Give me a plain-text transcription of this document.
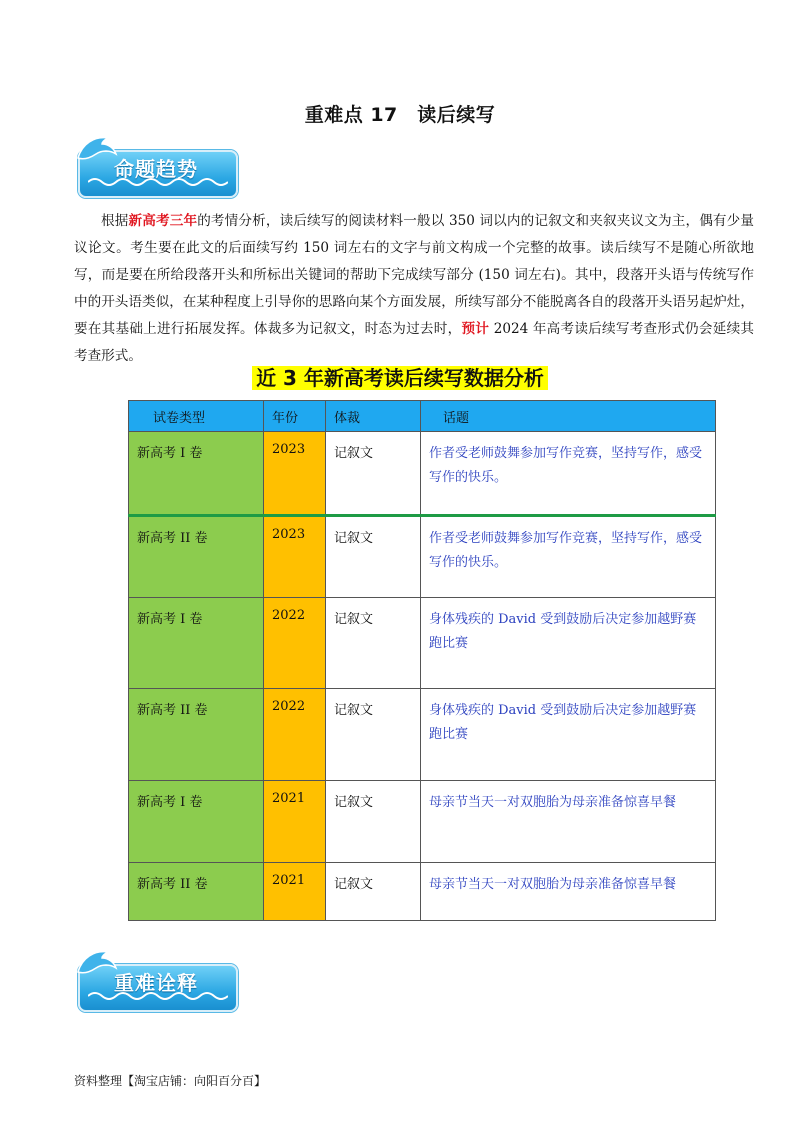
重难点 17　读后续写
命题趋势
根据新高考三年的考情分析，读后续写的阅读材料一般以 350 词以内的记叙文和夹叙夹议文为主，偶有少量议论文。考生要在此文的后面续写约 150 词左右的文字与前文构成一个完整的故事。读后续写不是随心所欲地写，而是要在所给段落开头和所标出关键词的帮助下完成续写部分 (150 词左右)。其中，段落开头语与传统写作中的开头语类似，在某种程度上引导你的思路向某个方面发展，所续写部分不能脱离各自的段落开头语另起炉灶，要在其基础上进行拓展发挥。体裁多为记叙文，时态为过去时，预计 2024 年高考读后续写考查形式仍会延续其考查形式。
近 3 年新高考读后续写数据分析
试卷类型	年份	体裁	话题
新高考 I 卷	2023	记叙文	作者受老师鼓舞参加写作竞赛，坚持写作，感受写作的快乐。
新高考 II 卷	2023	记叙文	作者受老师鼓舞参加写作竞赛，坚持写作，感受写作的快乐。
新高考 I 卷	2022	记叙文	身体残疾的 David 受到鼓励后决定参加越野赛跑比赛
新高考 II 卷	2022	记叙文	身体残疾的 David 受到鼓励后决定参加越野赛跑比赛
新高考 I 卷	2021	记叙文	母亲节当天一对双胞胎为母亲准备惊喜早餐
新高考 II 卷	2021	记叙文	母亲节当天一对双胞胎为母亲准备惊喜早餐
重难诠释
资料整理【淘宝店铺：向阳百分百】
